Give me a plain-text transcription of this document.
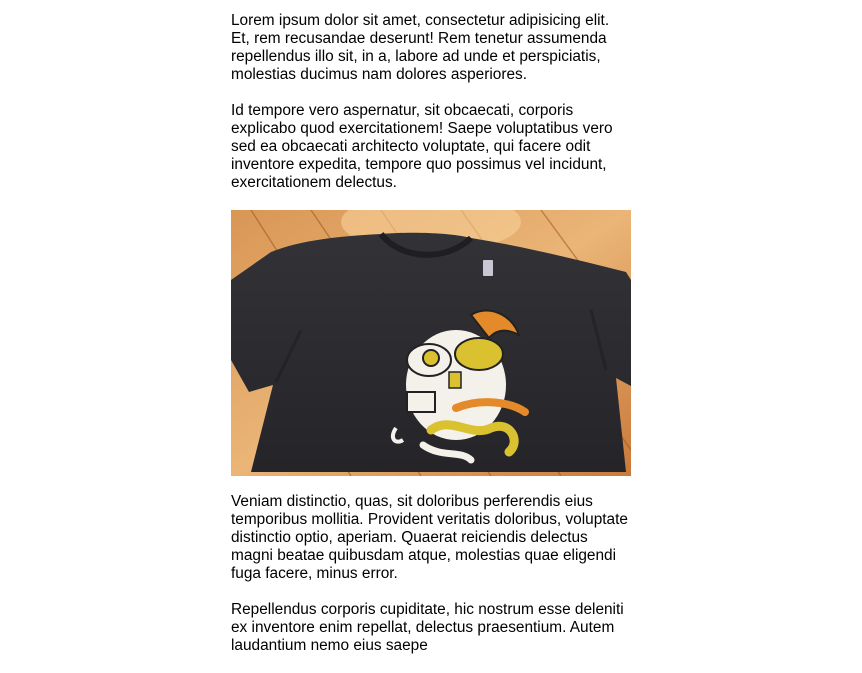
Lorem ipsum dolor sit amet, consectetur adipisicing elit. Et, rem recusandae deserunt! Rem tenetur assumenda repellendus illo sit, in a, labore ad unde et perspiciatis, molestias ducimus nam dolores asperiores.

Id tempore vero aspernatur, sit obcaecati, corporis explicabo quod exercitationem! Saepe voluptatibus vero sed ea obcaecati architecto voluptate, qui facere odit inventore expedita, tempore quo possimus vel incidunt, exercitationem delectus.

Veniam distinctio, quas, sit doloribus perferendis eius temporibus mollitia. Provident veritatis doloribus, voluptate distinctio optio, aperiam. Quaerat reiciendis delectus magni beatae quibusdam atque, molestias quae eligendi fuga facere, minus error.

Repellendus corporis cupiditate, hic nostrum esse deleniti ex inventore enim repellat, delectus praesentium. Autem laudantium nemo eius saepe
